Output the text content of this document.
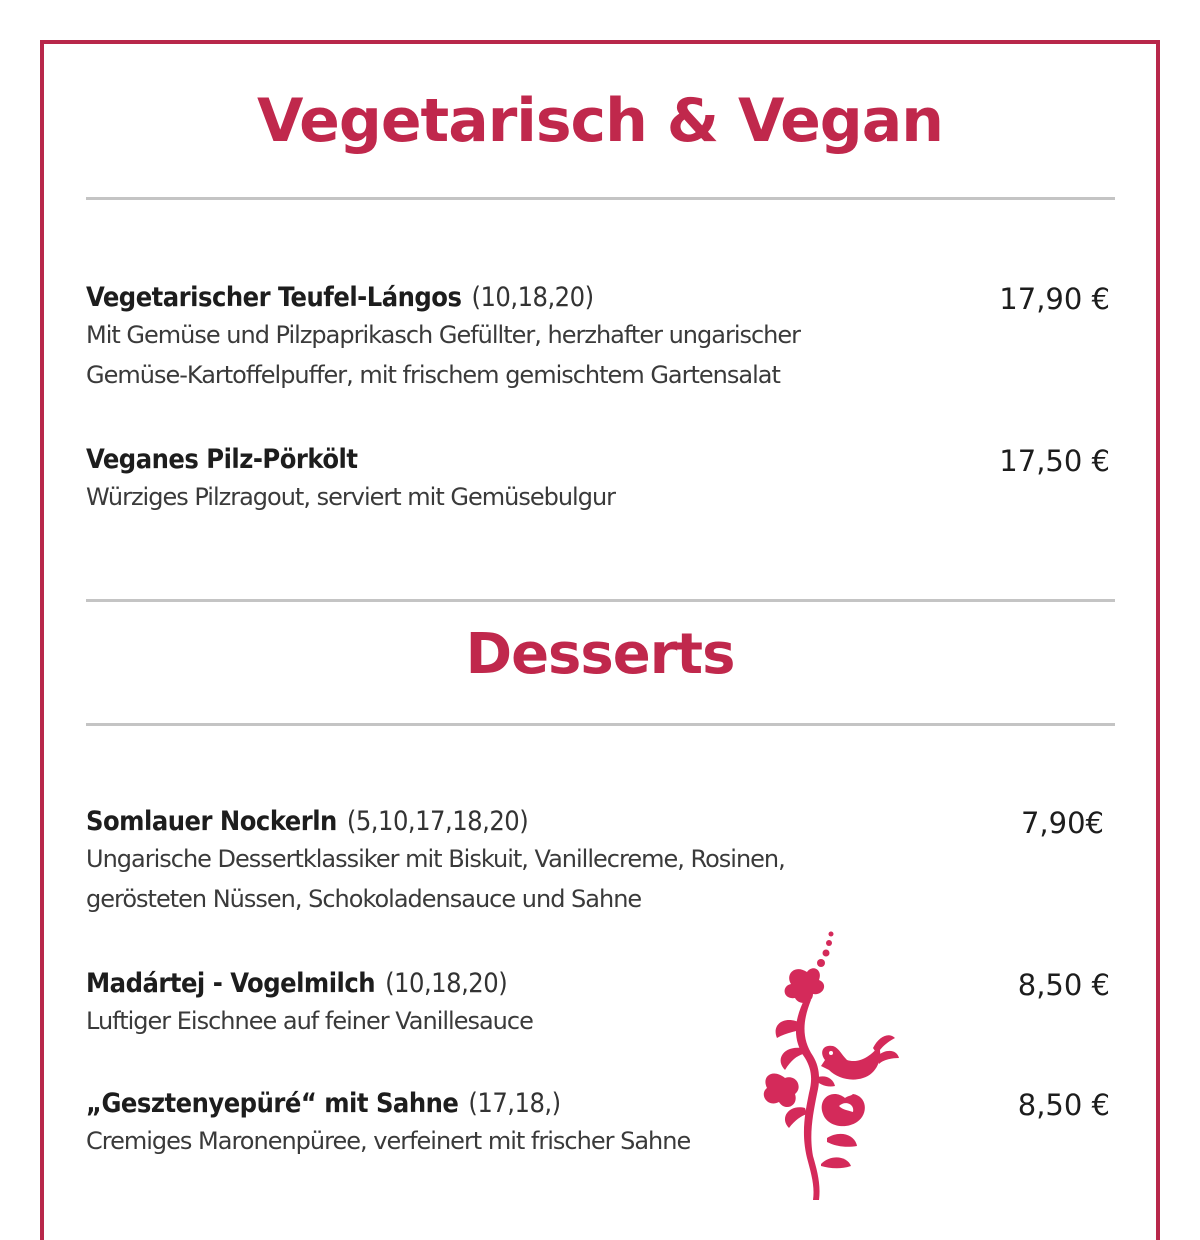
Vegetarisch & Vegan
Vegetarischer Teufel-Lángos (10,18,20)
Mit Gemüse und Pilzpaprikasch Gefüllter, herzhafter ungarischer
Gemüse-Kartoffelpuffer, mit frischem gemischtem Gartensalat
17,90 €
Veganes Pilz-Pörkölt
Würziges Pilzragout, serviert mit Gemüsebulgur
17,50 €
Desserts
Somlauer Nockerln (5,10,17,18,20)
Ungarische Dessertklassiker mit Biskuit, Vanillecreme, Rosinen,
gerösteten Nüssen, Schokoladensauce und Sahne
7,90€
Madártej - Vogelmilch (10,18,20)
Luftiger Eischnee auf feiner Vanillesauce
8,50 €
„Gesztenyepüré“ mit Sahne (17,18,)
Cremiges Maronenpüree, verfeinert mit frischer Sahne
8,50 €
